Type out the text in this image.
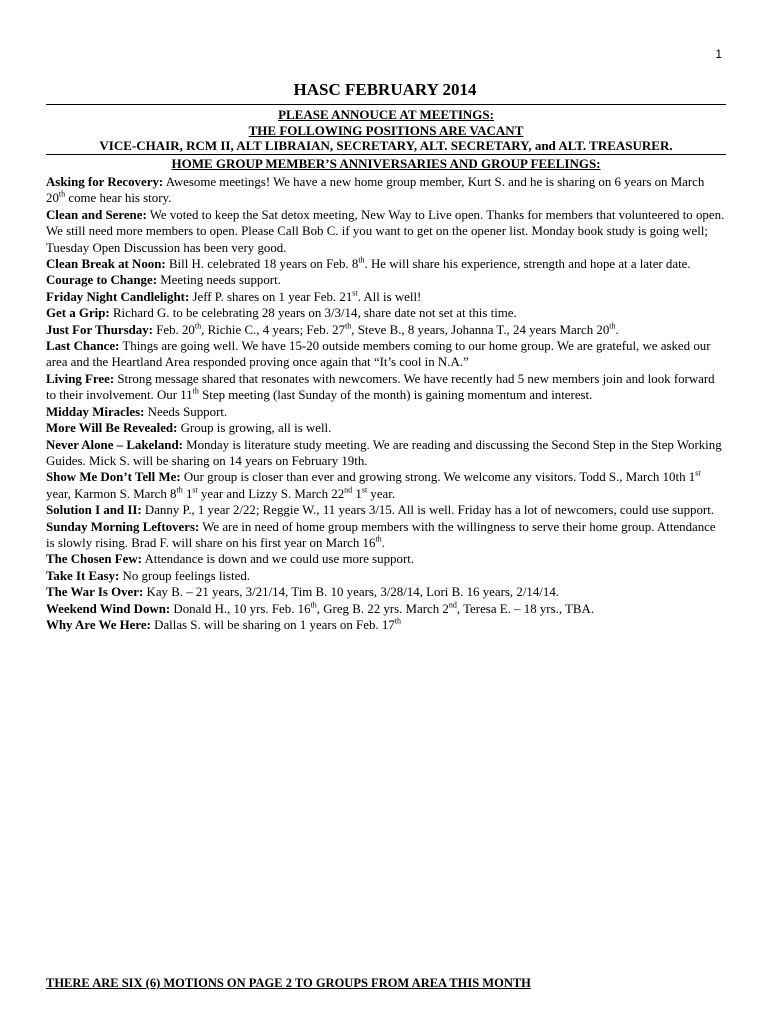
1
HASC FEBRUARY 2014
PLEASE ANNOUCE AT MEETINGS:
THE FOLLOWING POSITIONS ARE VACANT
VICE-CHAIR, RCM II, ALT LIBRAIAN, SECRETARY, ALT. SECRETARY, and ALT. TREASURER.
HOME GROUP MEMBER’S ANNIVERSARIES AND GROUP FEELINGS:
Asking for Recovery: Awesome meetings! We have a new home group member, Kurt S. and he is sharing on 6 years on March 20th come hear his story.
Clean and Serene: We voted to keep the Sat detox meeting, New Way to Live open. Thanks for members that volunteered to open. We still need more members to open. Please Call Bob C. if you want to get on the opener list. Monday book study is going well; Tuesday Open Discussion has been very good.
Clean Break at Noon: Bill H. celebrated 18 years on Feb. 8th. He will share his experience, strength and hope at a later date.
Courage to Change: Meeting needs support.
Friday Night Candlelight: Jeff P. shares on 1 year Feb. 21st. All is well!
Get a Grip: Richard G. to be celebrating 28 years on 3/3/14, share date not set at this time.
Just For Thursday: Feb. 20th, Richie C., 4 years; Feb. 27th, Steve B., 8 years, Johanna T., 24 years March 20th.
Last Chance: Things are going well. We have 15-20 outside members coming to our home group. We are grateful, we asked our area and the Heartland Area responded proving once again that “It’s cool in N.A.”
Living Free: Strong message shared that resonates with newcomers. We have recently had 5 new members join and look forward to their involvement. Our 11th Step meeting (last Sunday of the month) is gaining momentum and interest.
Midday Miracles: Needs Support.
More Will Be Revealed: Group is growing, all is well.
Never Alone – Lakeland: Monday is literature study meeting. We are reading and discussing the Second Step in the Step Working Guides. Mick S. will be sharing on 14 years on February 19th.
Show Me Don’t Tell Me: Our group is closer than ever and growing strong. We welcome any visitors. Todd S., March 10th 1st year, Karmon S. March 8th 1st year and Lizzy S. March 22nd 1st year.
Solution I and II: Danny P., 1 year 2/22; Reggie W., 11 years 3/15. All is well. Friday has a lot of newcomers, could use support.
Sunday Morning Leftovers: We are in need of home group members with the willingness to serve their home group. Attendance is slowly rising. Brad F. will share on his first year on March 16th.
The Chosen Few: Attendance is down and we could use more support.
Take It Easy: No group feelings listed.
The War Is Over: Kay B. – 21 years, 3/21/14, Tim B. 10 years, 3/28/14, Lori B. 16 years, 2/14/14.
Weekend Wind Down: Donald H., 10 yrs. Feb. 16th, Greg B. 22 yrs. March 2nd, Teresa E. – 18 yrs., TBA.
Why Are We Here: Dallas S. will be sharing on 1 years on Feb. 17th
THERE ARE SIX (6) MOTIONS ON PAGE 2 TO GROUPS FROM AREA THIS MONTH
